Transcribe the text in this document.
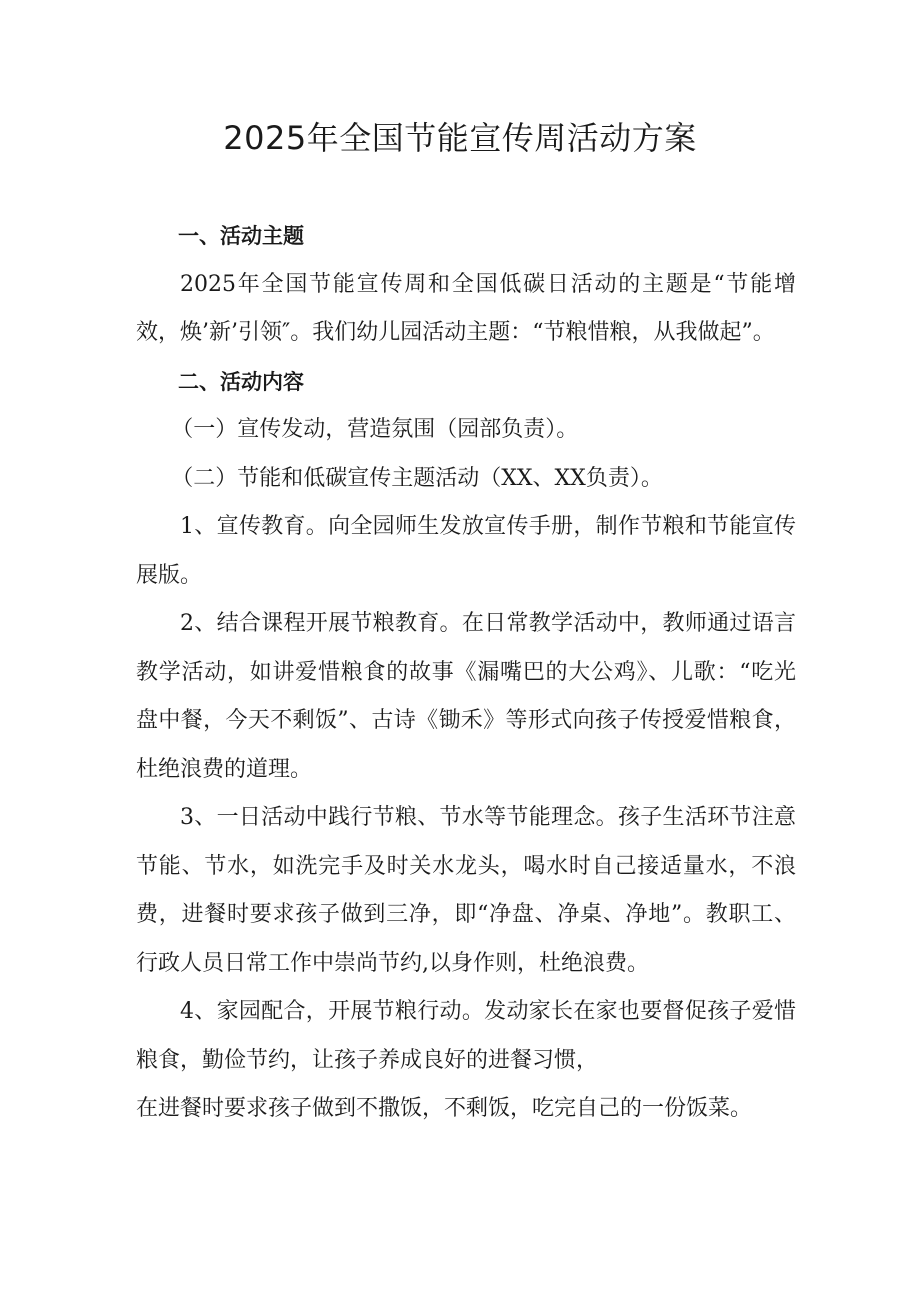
2025年全国节能宣传周活动方案

一、活动主题

2025年全国节能宣传周和全国低碳日活动的主题是“节能增效，焕’新’引领″。我们幼儿园活动主题：“节粮惜粮，从我做起”。

二、活动内容

（一）宣传发动，营造氛围（园部负责）。

（二）节能和低碳宣传主题活动（XX、XX负责）。

1、宣传教育。向全园师生发放宣传手册，制作节粮和节能宣传展版。

2、结合课程开展节粮教育。在日常教学活动中，教师通过语言教学活动，如讲爱惜粮食的故事《漏嘴巴的大公鸡》、儿歌：“吃光盘中餐，今天不剩饭”、古诗《锄禾》等形式向孩子传授爱惜粮食，杜绝浪费的道理。

3、一日活动中践行节粮、节水等节能理念。孩子生活环节注意节能、节水，如洗完手及时关水龙头，喝水时自己接适量水，不浪费，进餐时要求孩子做到三净，即“净盘、净桌、净地”。教职工、行政人员日常工作中崇尚节约,以身作则，杜绝浪费。

4、家园配合，开展节粮行动。发动家长在家也要督促孩子爱惜粮食，勤俭节约，让孩子养成良好的进餐习惯，

在进餐时要求孩子做到不撒饭，不剩饭，吃完自己的一份饭菜。
